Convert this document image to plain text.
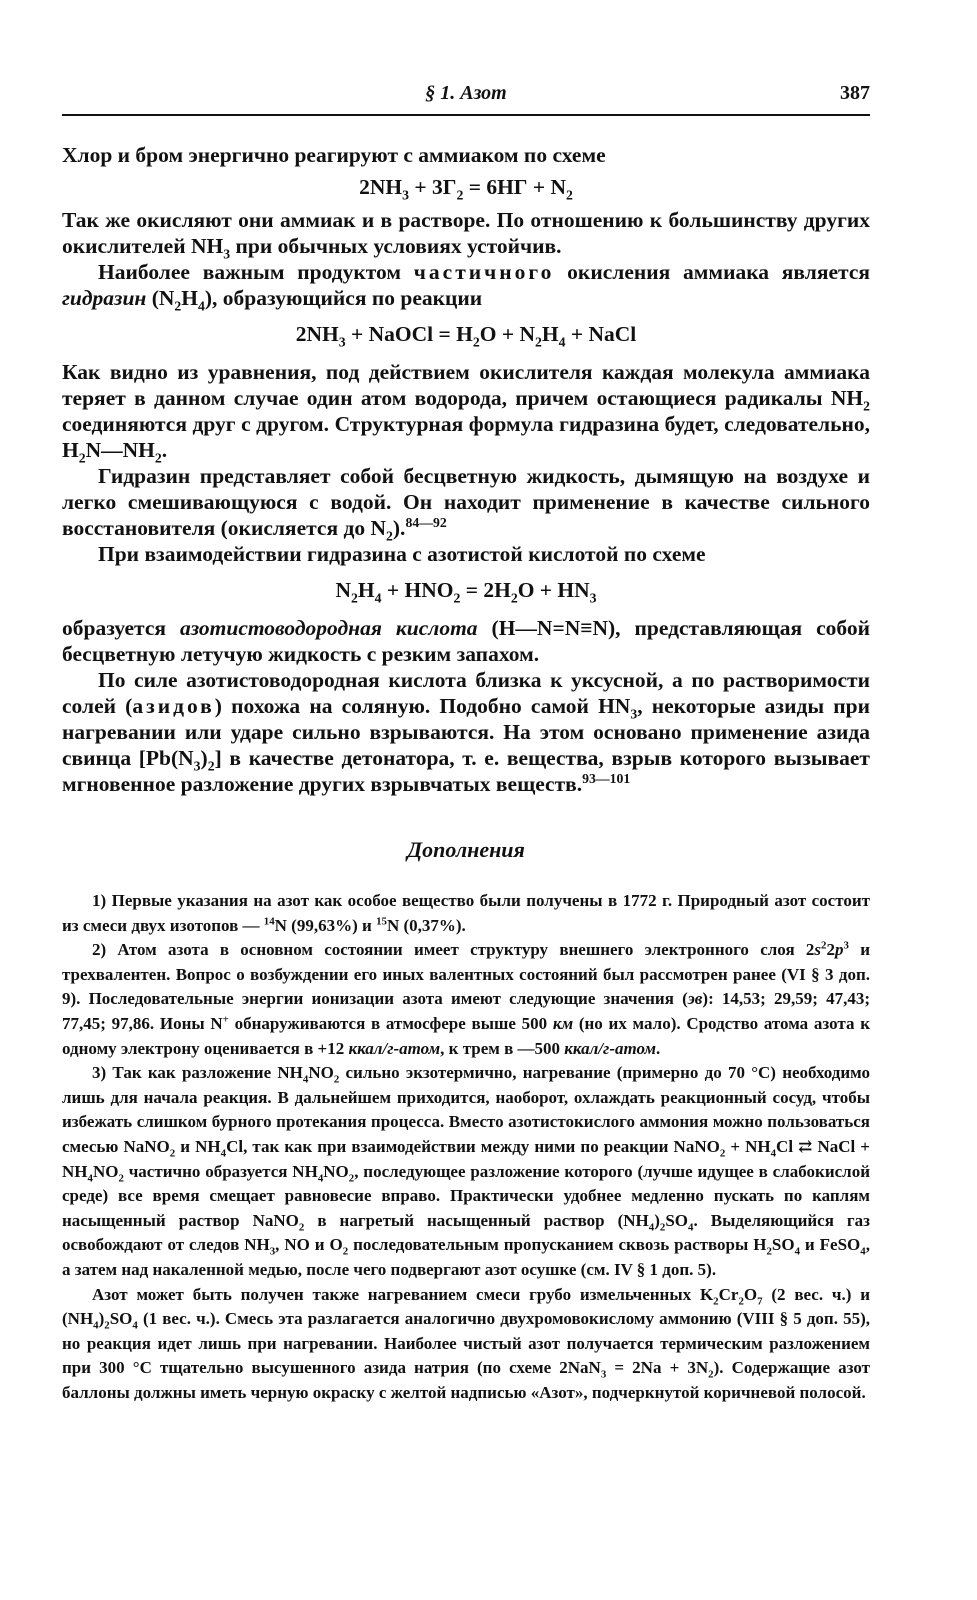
§ 1. Азот	387

Хлор и бром энергично реагируют с аммиаком по схеме

$2NH_3 + 3Г_2 = 6НГ + N_2$

Так же окисляют они аммиак и в растворе. По отношению к большинству других окислителей $NH_3$ при обычных условиях устойчив.

Наиболее важным продуктом частичного окисления аммиака является гидразин $(N_2H_4)$, образующийся по реакции

$2NH_3$ + NaOCl = $H_2O + N_2H_4$ + NaCl

Как видно из уравнения, под действием окислителя каждая молекула аммиака теряет в данном случае один атом водорода, причем остающиеся радикалы $NH_2$ соединяются друг с другом. Структурная формула гидразина будет, следовательно, $H_2N—NH_2$.

Гидразин представляет собой бесцветную жидкость, дымящую на воздухе и легко смешивающуюся с водой. Он находит применение в качестве сильного восстановителя (окисляется до $N_2).^{84—92}$

При взаимодействии гидразина с азотистой кислотой по схеме

$N_2H_4 + HNO_2 = 2H_2O + HN_3$

образуется азотистоводородная кислота (H—N=N≡N), представляющая собой бесцветную летучую жидкость с резким запахом.

По силе азотистоводородная кислота близка к уксусной, а по растворимости солей (азидов) похожа на соляную. Подобно самой $HN_3$, некоторые азиды при нагревании или ударе сильно взрываются. На этом основано применение азида свинца $[Pb(N_3)_2]$ в качестве детонатора, т. е. вещества, взрыв которого вызывает мгновенное разложение других взрывчатых веществ.$^{93—101}$

Дополнения

1) Первые указания на азот как особое вещество были получены в 1772 г. Природный азот состоит из смеси двух изотопов — $^{14}$N (99,63%) и $^{15}$N (0,37%).

2) Атом азота в основном состоянии имеет структуру внешнего электронного слоя $2s^22p^3$ и трехвалентен. Вопрос о возбуждении его иных валентных состояний был рассмотрен ранее (VI § 3 доп. 9). Последовательные энергии ионизации азота имеют следующие значения (эв): 14,53; 29,59; 47,43; 77,45; 97,86. Ионы N+ обнаруживаются в атмосфере выше 500 км (но их мало). Сродство атома азота к одному электрону оценивается в +12 ккал/г-атом, к трем в —500 ккал/г-атом.

3) Так как разложение $NH_4NO_2$ сильно экзотермично, нагревание (примерно до 70 °С) необходимо лишь для начала реакция. В дальнейшем приходится, наоборот, охлаждать реакционный сосуд, чтобы избежать слишком бурного протекания процесса. Вместо азотистокислого аммония можно пользоваться смесью NaNO$_2$ и $NH_4Cl$, так как при взаимодействии между ними по реакции NaNO$_2$ + $NH_4Cl$ ⇄ NaCl + $NH_4NO_2$ частично образуется $NH_4NO_2$, последующее разложение которого (лучше идущее в слабокислой среде) все время смещает равновесие вправо. Практически удобнее медленно пускать по каплям насыщенный раствор NaNO$_2$ в нагретый насыщенный раствор $(NH_4)_2SO_4$. Выделяющийся газ освобождают от следов $NH_3$, NO и $O_2$ последовательным пропусканием сквозь растворы $H_2SO_4$ и FeSO$_4$, а затем над накаленной медью, после чего подвергают азот осушке (см. IV § 1 доп. 5).

Азот может быть получен также нагреванием смеси грубо измельченных $K_2Cr_2O_7$ (2 вес. ч.) и $(NH_4)_2SO_4$ (1 вес. ч.). Смесь эта разлагается аналогично двухромовокислому аммонию (VIII § 5 доп. 55), но реакция идет лишь при нагревании. Наиболее чистый азот получается термическим разложением при 300 °С тщательно высушенного азида натрия (по схеме $2NaN_3 = 2Na + 3N_2$). Содержащие азот баллоны должны иметь черную окраску с желтой надписью «Азот», подчеркнутой коричневой полосой.
